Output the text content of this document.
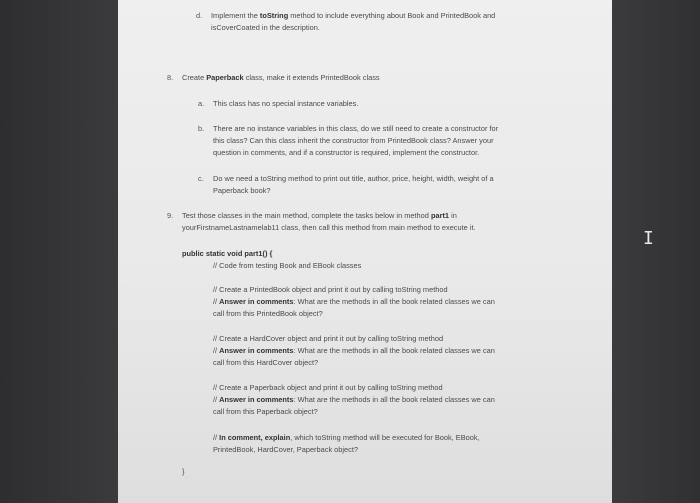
d. Implement the toString method to include everything about Book and PrintedBook and
isCoverCoated in the description.
8. Create Paperback class, make it extends PrintedBook class
a. This class has no special instance variables.
b. There are no instance variables in this class, do we still need to create a constructor for
this class? Can this class inherit the constructor from PrintedBook class? Answer your
question in comments, and if a constructor is required, implement the constructor.
c. Do we need a toString method to print out title, author, price, height, width, weight of a
Paperback book?
9. Test those classes in the main method, complete the tasks below in method part1 in
yourFirstnameLastnamelab11 class, then call this method from main method to execute it.
public static void part1() {
// Code from testing Book and EBook classes
// Create a PrintedBook object and print it out by calling toString method
// Answer in comments: What are the methods in all the book related classes we can
call from this PrintedBook object?
// Create a HardCover object and print it out by calling toString method
// Answer in comments: What are the methods in all the book related classes we can
call from this HardCover object?
// Create a Paperback object and print it out by calling toString method
// Answer in comments: What are the methods in all the book related classes we can
call from this Paperback object?
// In comment, explain, which toString method will be executed for Book, EBook,
PrintedBook, HardCover, Paperback object?
}
I
